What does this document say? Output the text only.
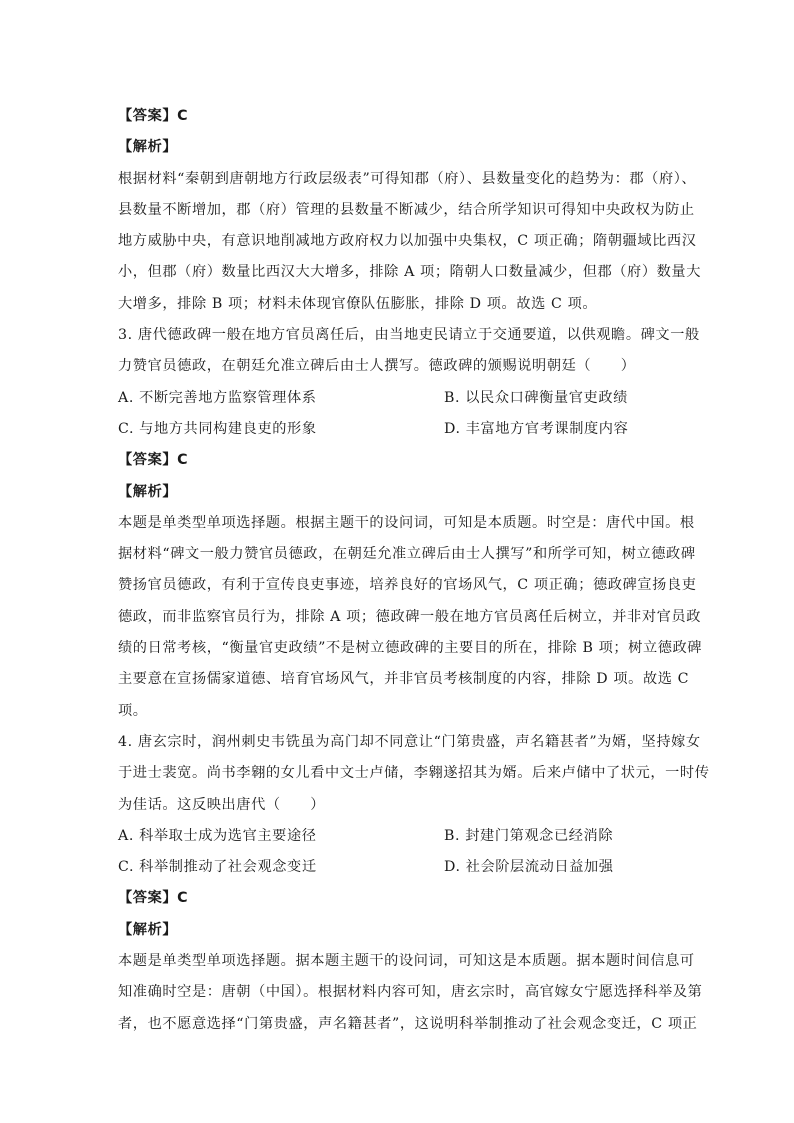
【答案】C
【解析】
根据材料“秦朝到唐朝地方行政层级表”可得知郡（府）、县数量变化的趋势为：郡（府）、
县数量不断增加，郡（府）管理的县数量不断减少，结合所学知识可得知中央政权为防止
地方威胁中央，有意识地削减地方政府权力以加强中央集权，C 项正确；隋朝疆域比西汉
小，但郡（府）数量比西汉大大增多，排除 A 项；隋朝人口数量减少，但郡（府）数量大
大增多，排除 B 项；材料未体现官僚队伍膨胀，排除 D 项。故选 C 项。
3. 唐代德政碑一般在地方官员离任后，由当地吏民请立于交通要道，以供观瞻。碑文一般
力赞官员德政，在朝廷允准立碑后由士人撰写。德政碑的颁赐说明朝廷（　　）
A. 不断完善地方监察管理体系	B. 以民众口碑衡量官吏政绩
C. 与地方共同构建良吏的形象	D. 丰富地方官考课制度内容
【答案】C
【解析】
本题是单类型单项选择题。根据主题干的设问词，可知是本质题。时空是：唐代中国。根
据材料“碑文一般力赞官员德政，在朝廷允准立碑后由士人撰写”和所学可知，树立德政碑
赞扬官员德政，有利于宣传良吏事迹，培养良好的官场风气，C 项正确；德政碑宣扬良吏
德政，而非监察官员行为，排除 A 项；德政碑一般在地方官员离任后树立，并非对官员政
绩的日常考核，“衡量官吏政绩”不是树立德政碑的主要目的所在，排除 B 项；树立德政碑
主要意在宣扬儒家道德、培育官场风气，并非官员考核制度的内容，排除 D 项。故选 C
项。
4. 唐玄宗时，润州刺史韦铣虽为高门却不同意让“门第贵盛，声名籍甚者”为婿，坚持嫁女
于进士裴宽。尚书李翱的女儿看中文士卢储，李翱遂招其为婿。后来卢储中了状元，一时传
为佳话。这反映出唐代（　　）
A. 科举取士成为选官主要途径	B. 封建门第观念已经消除
C. 科举制推动了社会观念变迁	D. 社会阶层流动日益加强
【答案】C
【解析】
本题是单类型单项选择题。据本题主题干的设问词，可知这是本质题。据本题时间信息可
知准确时空是：唐朝（中国）。根据材料内容可知，唐玄宗时，高官嫁女宁愿选择科举及第
者，也不愿意选择“门第贵盛，声名籍甚者”，这说明科举制推动了社会观念变迁，C 项正
